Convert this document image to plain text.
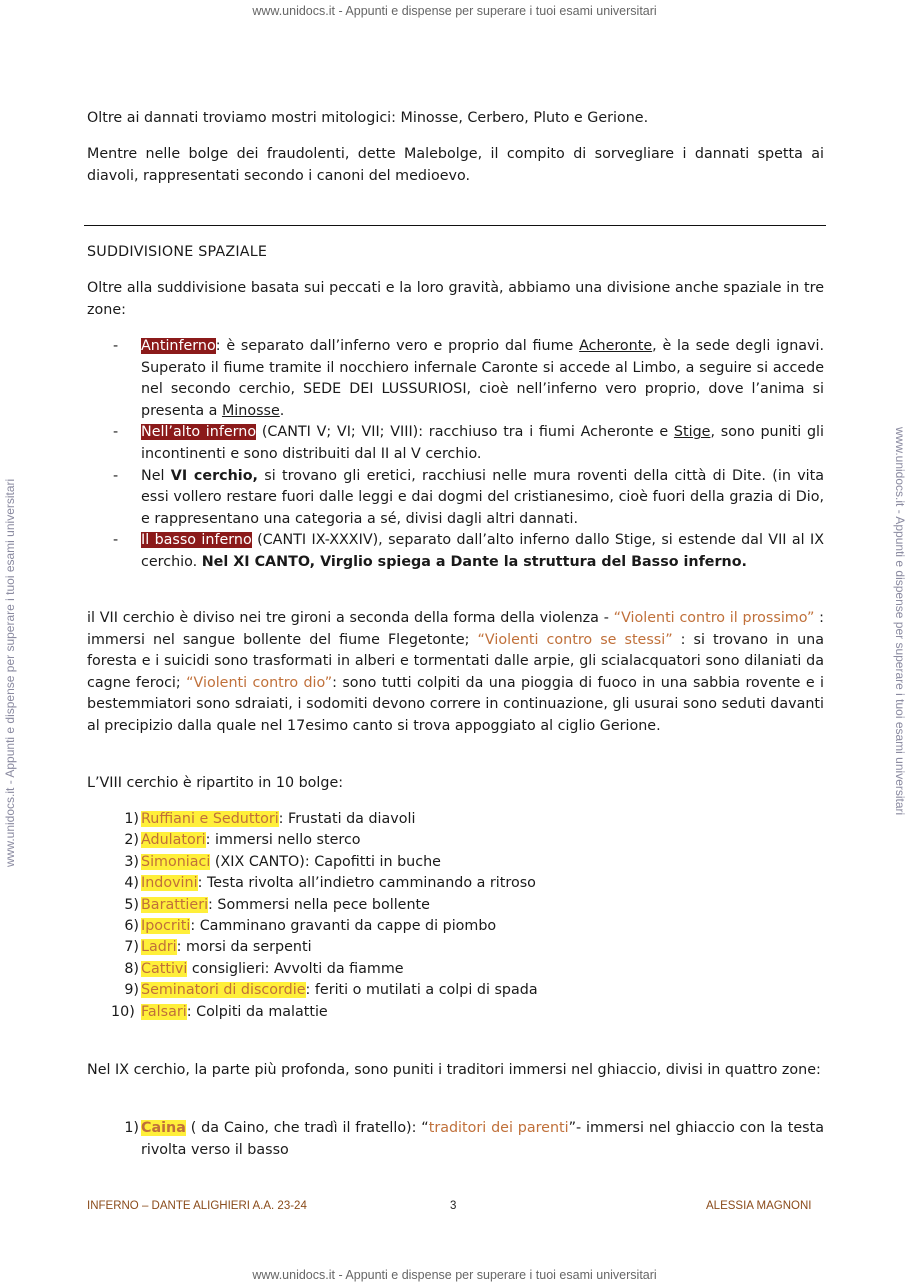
www.unidocs.it - Appunti e dispense per superare i tuoi esami universitari
www.unidocs.it - Appunti e dispense per superare i tuoi esami universitari	www.unidocs.it - Appunti e dispense per superare i tuoi esami universitari
Oltre ai dannati troviamo mostri mitologici: Minosse, Cerbero, Pluto e Gerione.
Mentre nelle bolge dei fraudolenti, dette Malebolge, il compito di sorvegliare i dannati spetta ai diavoli, rappresentati secondo i canoni del medioevo.
SUDDIVISIONE SPAZIALE
Oltre alla suddivisione basata sui peccati e la loro gravità, abbiamo una divisione anche spaziale in tre zone:
- Antinferno: è separato dall’inferno vero e proprio dal fiume Acheronte, è la sede degli ignavi. Superato il fiume tramite il nocchiero infernale Caronte si accede al Limbo, a seguire si accede nel secondo cerchio, SEDE DEI LUSSURIOSI, cioè nell’inferno vero proprio, dove l’anima si presenta a Minosse.
- Nell’alto inferno (CANTI V; VI; VII; VIII): racchiuso tra i fiumi Acheronte e Stige, sono puniti gli incontinenti e sono distribuiti dal II al V cerchio.
- Nel VI cerchio, si trovano gli eretici, racchiusi nelle mura roventi della città di Dite. (in vita essi vollero restare fuori dalle leggi e dai dogmi del cristianesimo, cioè fuori della grazia di Dio, e rappresentano una categoria a sé, divisi dagli altri dannati.
- Il basso inferno (CANTI IX-XXXIV), separato dall’alto inferno dallo Stige, si estende dal VII al IX cerchio. Nel XI CANTO, Virglio spiega a Dante la struttura del Basso inferno.
il VII cerchio è diviso nei tre gironi a seconda della forma della violenza - “Violenti contro il prossimo” : immersi nel sangue bollente del fiume Flegetonte; “Violenti contro se stessi” : si trovano in una foresta e i suicidi sono trasformati in alberi e tormentati dalle arpie, gli scialacquatori sono dilaniati da cagne feroci; “Violenti contro dio”: sono tutti colpiti da una pioggia di fuoco in una sabbia rovente e i bestemmiatori sono sdraiati, i sodomiti devono correre in continuazione, gli usurai sono seduti davanti al precipizio dalla quale nel 17esimo canto si trova appoggiato al ciglio Gerione.
L’VIII cerchio è ripartito in 10 bolge:
1) Ruffiani e Seduttori: Frustati da diavoli
2) Adulatori: immersi nello sterco
3) Simoniaci (XIX CANTO): Capofitti in buche
4) Indovini: Testa rivolta all’indietro camminando a ritroso
5) Barattieri: Sommersi nella pece bollente
6) Ipocriti: Camminano gravanti da cappe di piombo
7) Ladri: morsi da serpenti
8) Cattivi consiglieri: Avvolti da fiamme
9) Seminatori di discordie: feriti o mutilati a colpi di spada
10) Falsari: Colpiti da malattie
Nel IX cerchio, la parte più profonda, sono puniti i traditori immersi nel ghiaccio, divisi in quattro zone:
1) Caina ( da Caino, che tradì il fratello): “traditori dei parenti”- immersi nel ghiaccio con la testa rivolta verso il basso
INFERNO – DANTE ALIGHIERI A.A. 23-24	3	ALESSIA MAGNONI
www.unidocs.it - Appunti e dispense per superare i tuoi esami universitari
